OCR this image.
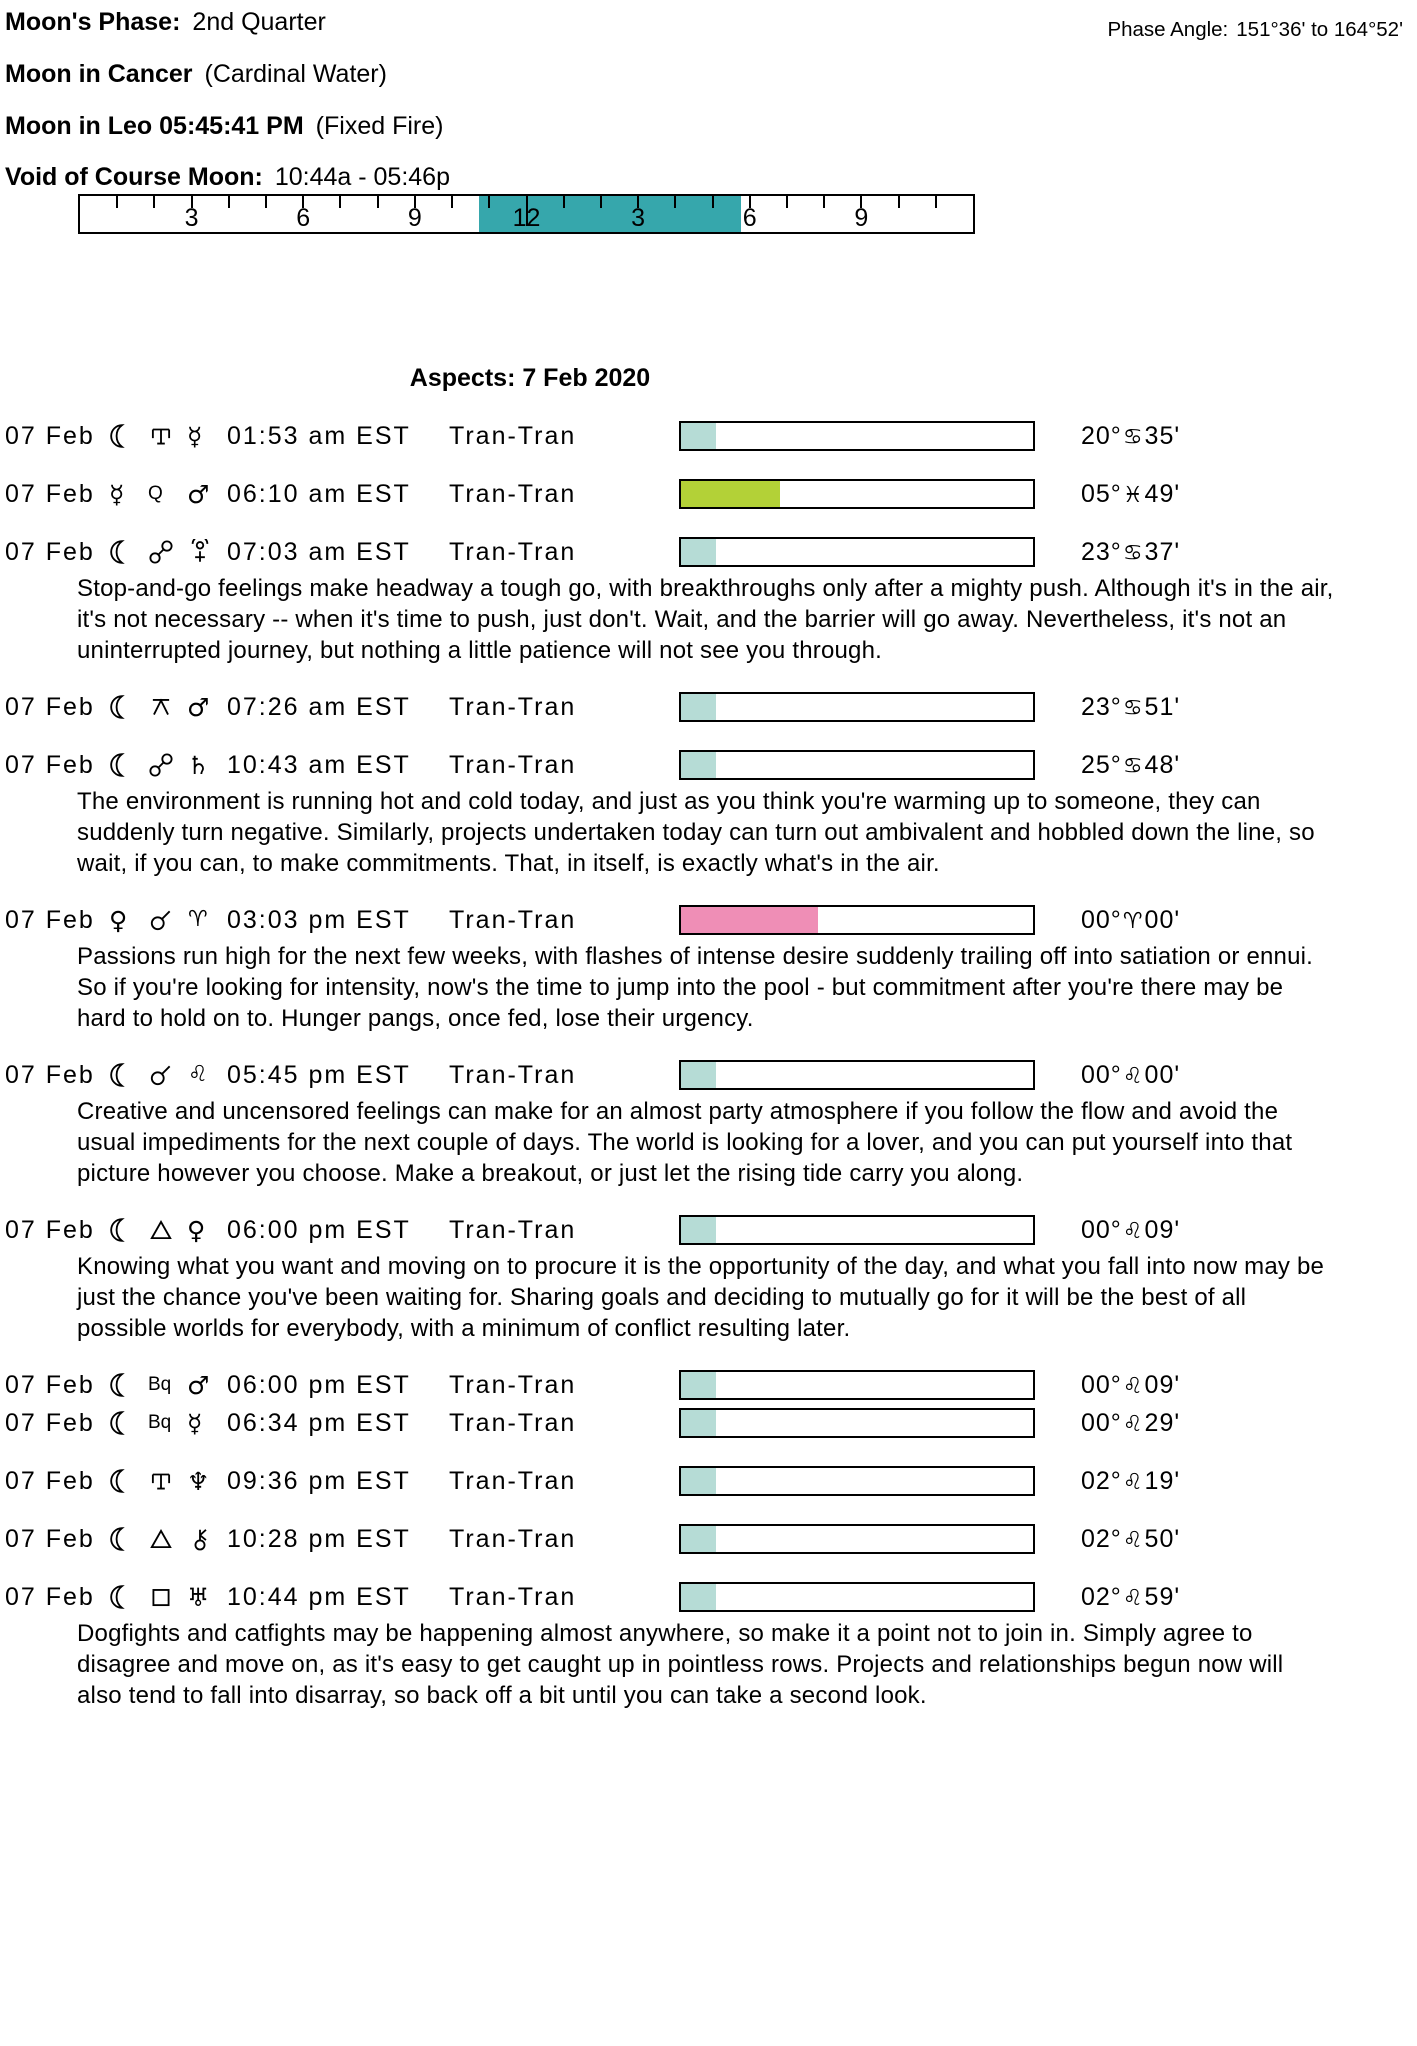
Moon's Phase: 2nd Quarter	Phase Angle: 151°36' to 164°52'
Moon in Cancer (Cardinal Water)
Moon in Leo 05:45:41 PM (Fixed Fire)
Void of Course Moon: 10:44a - 05:46p
3	6	9	12	3	6	9
Aspects: 7 Feb 2020
07 Feb	☿ 01:53 am EST	Tran-Tran	20° ♋ 35'
07 Feb ☿ Q ♂ 06:10 am EST	Tran-Tran	05° ♓ 49'
07 Feb	07:03 am EST	Tran-Tran	23° ♋ 37'

Stop-and-go feelings make headway a tough go, with breakthroughs only after a mighty push. Although it's in the air, it's not necessary -- when it's time to push, just don't. Wait, and the barrier will go away. Nevertheless, it's not an uninterrupted journey, but nothing a little patience will not see you through.

07 Feb	♂ 07:26 am EST	Tran-Tran	23° ♋ 51'
07 Feb	♄ 10:43 am EST	Tran-Tran	25° ♋ 48'

The environment is running hot and cold today, and just as you think you're warming up to someone, they can suddenly turn negative. Similarly, projects undertaken today can turn out ambivalent and hobbled down the line, so wait, if you can, to make commitments. That, in itself, is exactly what's in the air.

07 Feb ♀	♈ 03:03 pm EST	Tran-Tran	00° ♈ 00'

Passions run high for the next few weeks, with flashes of intense desire suddenly trailing off into satiation or ennui. So if you're looking for intensity, now's the time to jump into the pool - but commitment after you're there may be hard to hold on to. Hunger pangs, once fed, lose their urgency.

07 Feb	♌ 05:45 pm EST	Tran-Tran	00° ♌ 00'

Creative and uncensored feelings can make for an almost party atmosphere if you follow the flow and avoid the usual impediments for the next couple of days. The world is looking for a lover, and you can put yourself into that picture however you choose. Make a breakout, or just let the rising tide carry you along.

07 Feb	♀ 06:00 pm EST	Tran-Tran	00° ♌ 09'

Knowing what you want and moving on to procure it is the opportunity of the day, and what you fall into now may be just the chance you've been waiting for. Sharing goals and deciding to mutually go for it will be the best of all possible worlds for everybody, with a minimum of conflict resulting later.

07 Feb	Bq ♂ 06:00 pm EST	Tran-Tran	00° ♌ 09'
07 Feb	Bq ☿ 06:34 pm EST	Tran-Tran	00° ♌ 29'
07 Feb	♆ 09:36 pm EST	Tran-Tran	02° ♌ 19'
07 Feb	10:28 pm EST	Tran-Tran	02° ♌ 50'
07 Feb	♅ 10:44 pm EST	Tran-Tran	02° ♌ 59'

Dogfights and catfights may be happening almost anywhere, so make it a point not to join in. Simply agree to disagree and move on, as it's easy to get caught up in pointless rows. Projects and relationships begun now will also tend to fall into disarray, so back off a bit until you can take a second look.
